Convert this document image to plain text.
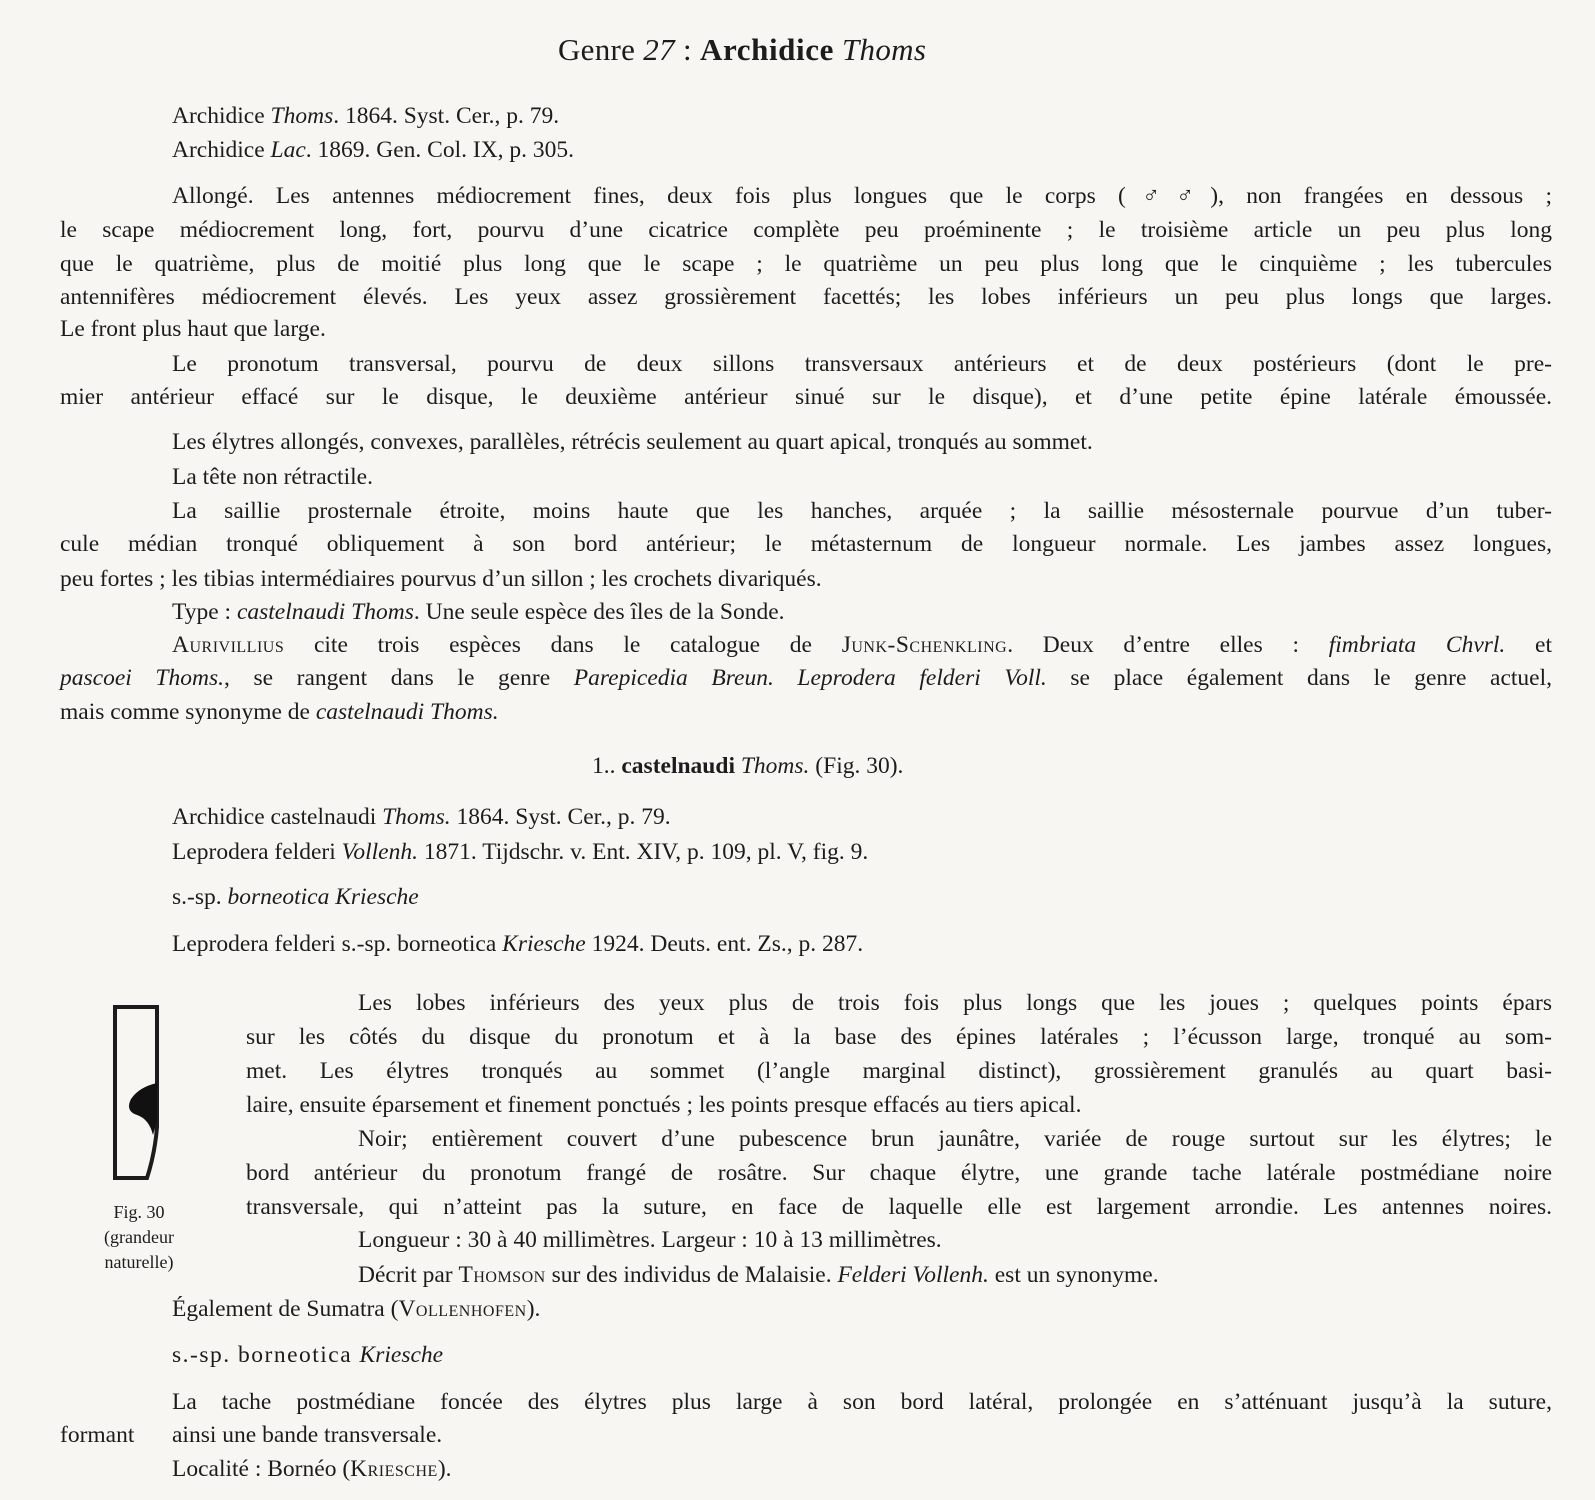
Genre 27 : Archidice Thoms
Archidice Thoms. 1864. Syst. Cer., p. 79.
Archidice Lac. 1869. Gen. Col. IX, p. 305.
Allongé. Les antennes médiocrement fines, deux fois plus longues que le corps (♂♂), non frangées en dessous ;
le scape médiocrement long, fort, pourvu d’une cicatrice complète peu proéminente ; le troisième article un peu plus long
que le quatrième, plus de moitié plus long que le scape ; le quatrième un peu plus long que le cinquième ; les tubercules
antennifères médiocrement élevés. Les yeux assez grossièrement facettés; les lobes inférieurs un peu plus longs que larges.
Le front plus haut que large.
Le pronotum transversal, pourvu de deux sillons transversaux antérieurs et de deux postérieurs (dont le pre-
mier antérieur effacé sur le disque, le deuxième antérieur sinué sur le disque), et d’une petite épine latérale émoussée.
Les élytres allongés, convexes, parallèles, rétrécis seulement au quart apical, tronqués au sommet.
La tête non rétractile.
La saillie prosternale étroite, moins haute que les hanches, arquée ; la saillie mésosternale pourvue d’un tuber-
cule médian tronqué obliquement à son bord antérieur; le métasternum de longueur normale. Les jambes assez longues,
peu fortes ; les tibias intermédiaires pourvus d’un sillon ; les crochets divariqués.
Type : castelnaudi Thoms. Une seule espèce des îles de la Sonde.
Aurivillius cite trois espèces dans le catalogue de Junk-Schenkling. Deux d’entre elles : fimbriata Chvrl. et
pascoei Thoms., se rangent dans le genre Parepicedia Breun. Leprodera felderi Voll. se place également dans le genre actuel,
mais comme synonyme de castelnaudi Thoms.
1.. castelnaudi Thoms. (Fig. 30).
Archidice castelnaudi Thoms. 1864. Syst. Cer., p. 79.
Leprodera felderi Vollenh. 1871. Tijdschr. v. Ent. XIV, p. 109, pl. V, fig. 9.
s.-sp. borneotica Kriesche
Leprodera felderi s.-sp. borneotica Kriesche 1924. Deuts. ent. Zs., p. 287.
Fig. 30
(grandeur
naturelle)
Les lobes inférieurs des yeux plus de trois fois plus longs que les joues ; quelques points épars
sur les côtés du disque du pronotum et à la base des épines latérales ; l’écusson large, tronqué au som-
met. Les élytres tronqués au sommet (l’angle marginal distinct), grossièrement granulés au quart basi-
laire, ensuite éparsement et finement ponctués ; les points presque effacés au tiers apical.
Noir; entièrement couvert d’une pubescence brun jaunâtre, variée de rouge surtout sur les élytres; le
bord antérieur du pronotum frangé de rosâtre. Sur chaque élytre, une grande tache latérale postmédiane noire
transversale, qui n’atteint pas la suture, en face de laquelle elle est largement arrondie. Les antennes noires.
Longueur : 30 à 40 millimètres. Largeur : 10 à 13 millimètres.
Décrit par Thomson sur des individus de Malaisie. Felderi Vollenh. est un synonyme.
Également de Sumatra (Vollenhofen).
s.-sp. borneotica Kriesche
La tache postmédiane foncée des élytres plus large à son bord latéral, prolongée en s’atténuant jusqu’à la suture,
formant ainsi une bande transversale.
Localité : Bornéo (Kriesche).
